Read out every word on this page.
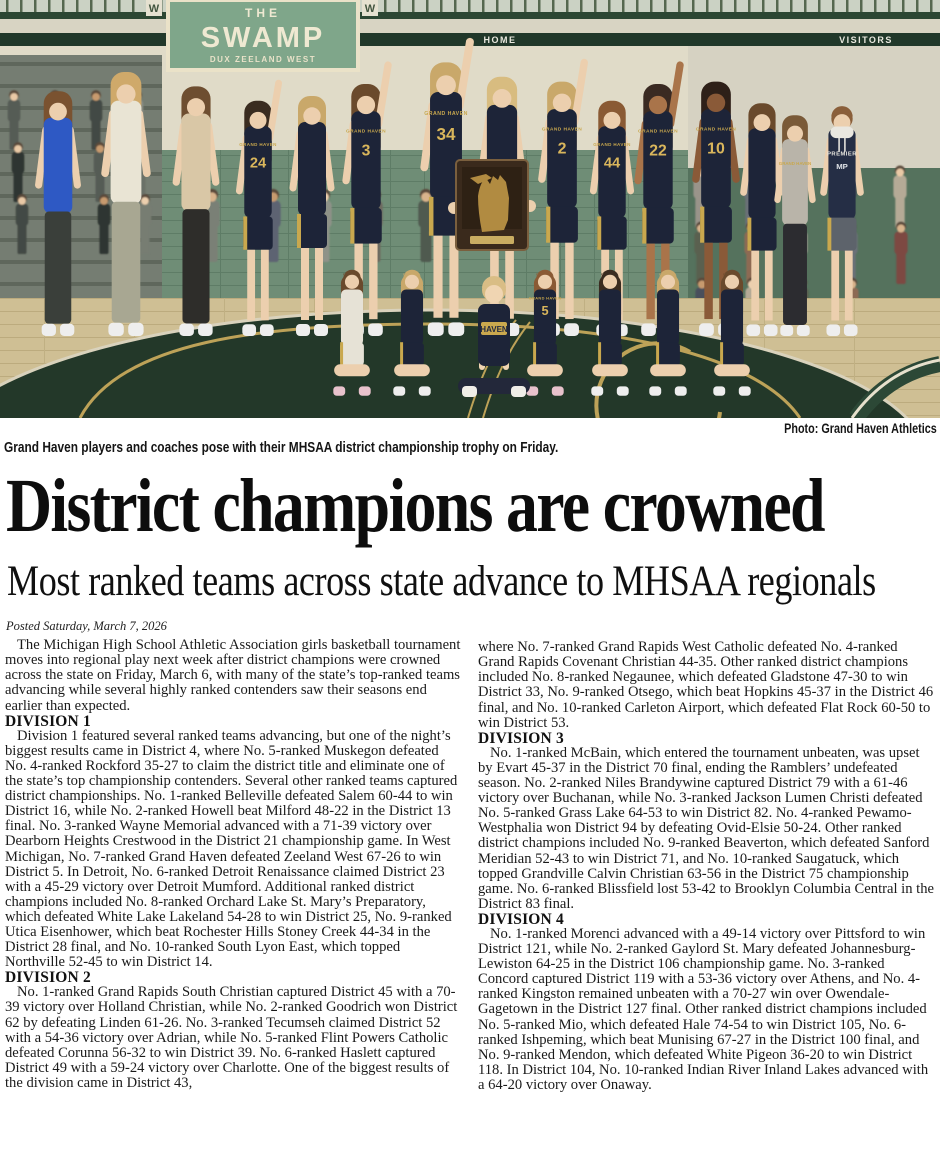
HOME	VISITORS
W	W
THE
SWAMP
DUX ZEELAND WEST
GRAND HAVEN
24
GRAND HAVEN
3
GRAND HAVEN
34	GRAND HAVEN
2	GRAND HAVEN
44
GRAND HAVEN
22
GRAND HAVEN
10
GRAND HAVEN
PREMIER
MP
GRAND HAVEN
5
HAVEN
Photo: Grand Haven Athletics
Grand Haven players and coaches pose with their MHSAA district championship trophy on Friday.
District champions are crowned
Most ranked teams across state advance to MHSAA regionals
Posted Saturday, March 7, 2026

The Michigan High School Athletic Association girls basketball tournament moves into regional play next week after district champions were crowned across the state on Friday, March 6, with many of the state’s top-ranked teams advancing while several highly ranked contenders saw their seasons end earlier than expected.

DIVISION 1

Division 1 featured several ranked teams advancing, but one of the night’s biggest results came in District 4, where No. 5-ranked Muskegon defeated No. 4-ranked Rockford 35-27 to claim the district title and eliminate one of the state’s top championship contenders. Several other ranked teams captured district championships. No. 1-ranked Belleville defeated Salem 60-44 to win District 16, while No. 2-ranked Howell beat Milford 48-22 in the District 13 final. No. 3-ranked Wayne Memorial advanced with a 71-39 victory over Dearborn Heights Crestwood in the District 21 championship game. In West Michigan, No. 7-ranked Grand Haven defeated Zeeland West 67-26 to win District 5. In Detroit, No. 6-ranked Detroit Renaissance claimed District 23 with a 45-29 victory over Detroit Mumford. Additional ranked district champions included No. 8-ranked Orchard Lake St. Mary’s Preparatory, which defeated White Lake Lakeland 54-28 to win District 25, No. 9-ranked Utica Eisenhower, which beat Rochester Hills Stoney Creek 44-34 in the District 28 final, and No. 10-ranked South Lyon East, which topped Northville 52-45 to win District 14.

DIVISION 2

No. 1-ranked Grand Rapids South Christian captured District 45 with a 70-39 victory over Holland Christian, while No. 2-ranked Goodrich won District 62 by defeating Linden 61-26. No. 3-ranked Tecumseh claimed District 52 with a 54-36 victory over Adrian, while No. 5-ranked Flint Powers Catholic defeated Corunna 56-32 to win District 39. No. 6-ranked Haslett captured District 49 with a 59-24 victory over Charlotte. One of the biggest results of the division came in District 43,

where No. 7-ranked Grand Rapids West Catholic defeated No. 4-ranked Grand Rapids Covenant Christian 44-35. Other ranked district champions included No. 8-ranked Negaunee, which defeated Gladstone 47-30 to win District 33, No. 9-ranked Otsego, which beat Hopkins 45-37 in the District 46 final, and No. 10-ranked Carleton Airport, which defeated Flat Rock 60-50 to win District 53.

DIVISION 3

No. 1-ranked McBain, which entered the tournament unbeaten, was upset by Evart 45-37 in the District 70 final, ending the Ramblers’ undefeated season. No. 2-ranked Niles Brandywine captured District 79 with a 61-46 victory over Buchanan, while No. 3-ranked Jackson Lumen Christi defeated No. 5-ranked Grass Lake 64-53 to win District 82. No. 4-ranked Pewamo-Westphalia won District 94 by defeating Ovid-Elsie 50-24. Other ranked district champions included No. 9-ranked Beaverton, which defeated Sanford Meridian 52-43 to win District 71, and No. 10-ranked Saugatuck, which topped Grandville Calvin Christian 63-56 in the District 75 championship game. No. 6-ranked Blissfield lost 53-42 to Brooklyn Columbia Central in the District 83 final.

DIVISION 4

No. 1-ranked Morenci advanced with a 49-14 victory over Pittsford to win District 121, while No. 2-ranked Gaylord St. Mary defeated Johannesburg-Lewiston 64-25 in the District 106 championship game. No. 3-ranked Concord captured District 119 with a 53-36 victory over Athens, and No. 4-ranked Kingston remained unbeaten with a 70-27 win over Owendale-Gagetown in the District 127 final. Other ranked district champions included No. 5-ranked Mio, which defeated Hale 74-54 to win District 105, No. 6-ranked Ishpeming, which beat Munising 67-27 in the District 100 final, and No. 9-ranked Mendon, which defeated White Pigeon 36-20 to win District 118. In District 104, No. 10-ranked Indian River Inland Lakes advanced with a 64-20 victory over Onaway.
